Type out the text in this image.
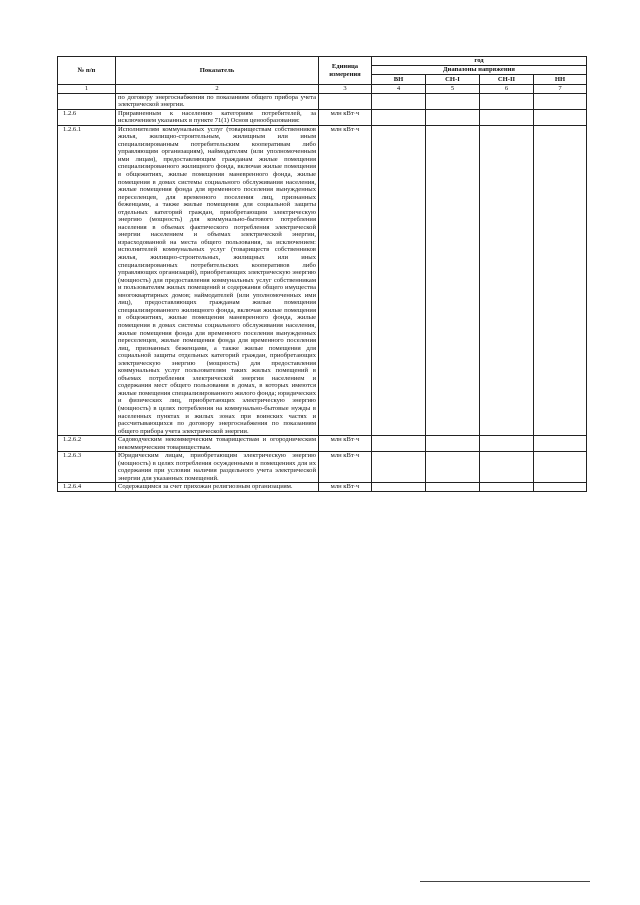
№ п/п	Показатель	Единица измерения	год			
			Диапазоны напряжения			
			ВН	СН-I	СН-II	НН
1	2	3	4	5	6	7
	по договору энергоснабжения по показаниям общего прибора учета электрической энергии.					
1.2.6	Приравненным к населению категориям потребителей, за исключением указанных в пункте 71(1) Основ ценообразования:	млн кВт·ч				
1.2.6.1	Исполнителям коммунальных услуг (товариществам собственников жилья, жилищно-строительным, жилищным или иным специализированным потребительским кооперативам либо управляющим организациям), наймодателям (или уполномоченным ими лицам), предоставляющим гражданам жилые помещения специализированного жилищного фонда, включая жилые помещения в общежитиях, жилые помещения маневренного фонда, жилые помещения в домах системы социального обслуживания населения, жилые помещения фонда для временного поселения вынужденных переселенцев, для временного поселения лиц, признанных беженцами, а также жилые помещения для социальной защиты отдельных категорий граждан, приобретающим электрическую энергию (мощность) для коммунально-бытового потребления населения в объемах фактического потребления электрической энергии населением и объемах электрической энергии, израсходованной на места общего пользования, за исключением: исполнителей коммунальных услуг (товариществ собственников жилья, жилищно-строительных, жилищных или иных специализированных потребительских кооперативов либо управляющих организаций), приобретающих электрическую энергию (мощность) для предоставления коммунальных услуг собственникам и пользователям жилых помещений и содержания общего имущества многоквартирных домов; наймодателей (или уполномоченных ими лиц), предоставляющих гражданам жилые помещения специализированного жилищного фонда, включая жилые помещения в общежитиях, жилые помещения маневренного фонда, жилые помещения в домах системы социального обслуживания населения, жилые помещения фонда для временного поселения вынужденных переселенцев, жилые помещения фонда для временного поселения лиц, признанных беженцами, а также жилые помещения для социальной защиты отдельных категорий граждан, приобретающих электрическую энергию (мощность) для предоставления коммунальных услуг пользователям таких жилых помещений в объемах потребления электрической энергии населением и содержания мест общего пользования в домах, в которых имеются жилые помещения специализированного жилого фонда; юридических и физических лиц, приобретающих электрическую энергию (мощность) в целях потребления на коммунально-бытовые нужды в населенных пунктах и жилых зонах при воинских частях и рассчитывающихся по договору энергоснабжения по показаниям общего прибора учета электрической энергии.	млн кВт·ч				
1.2.6.2	Садоводческим некоммерческим товариществам и огородническим некоммерческим товариществам.	млн кВт·ч				
1.2.6.3	Юридическим лицам, приобретающим электрическую энергию (мощность) в целях потребления осужденными в помещениях для их содержания при условии наличия раздельного учета электрической энергии для указанных помещений.	млн кВт·ч				
1.2.6.4	Содержащимся за счет прихожан религиозным организациям.	млн кВт·ч				
